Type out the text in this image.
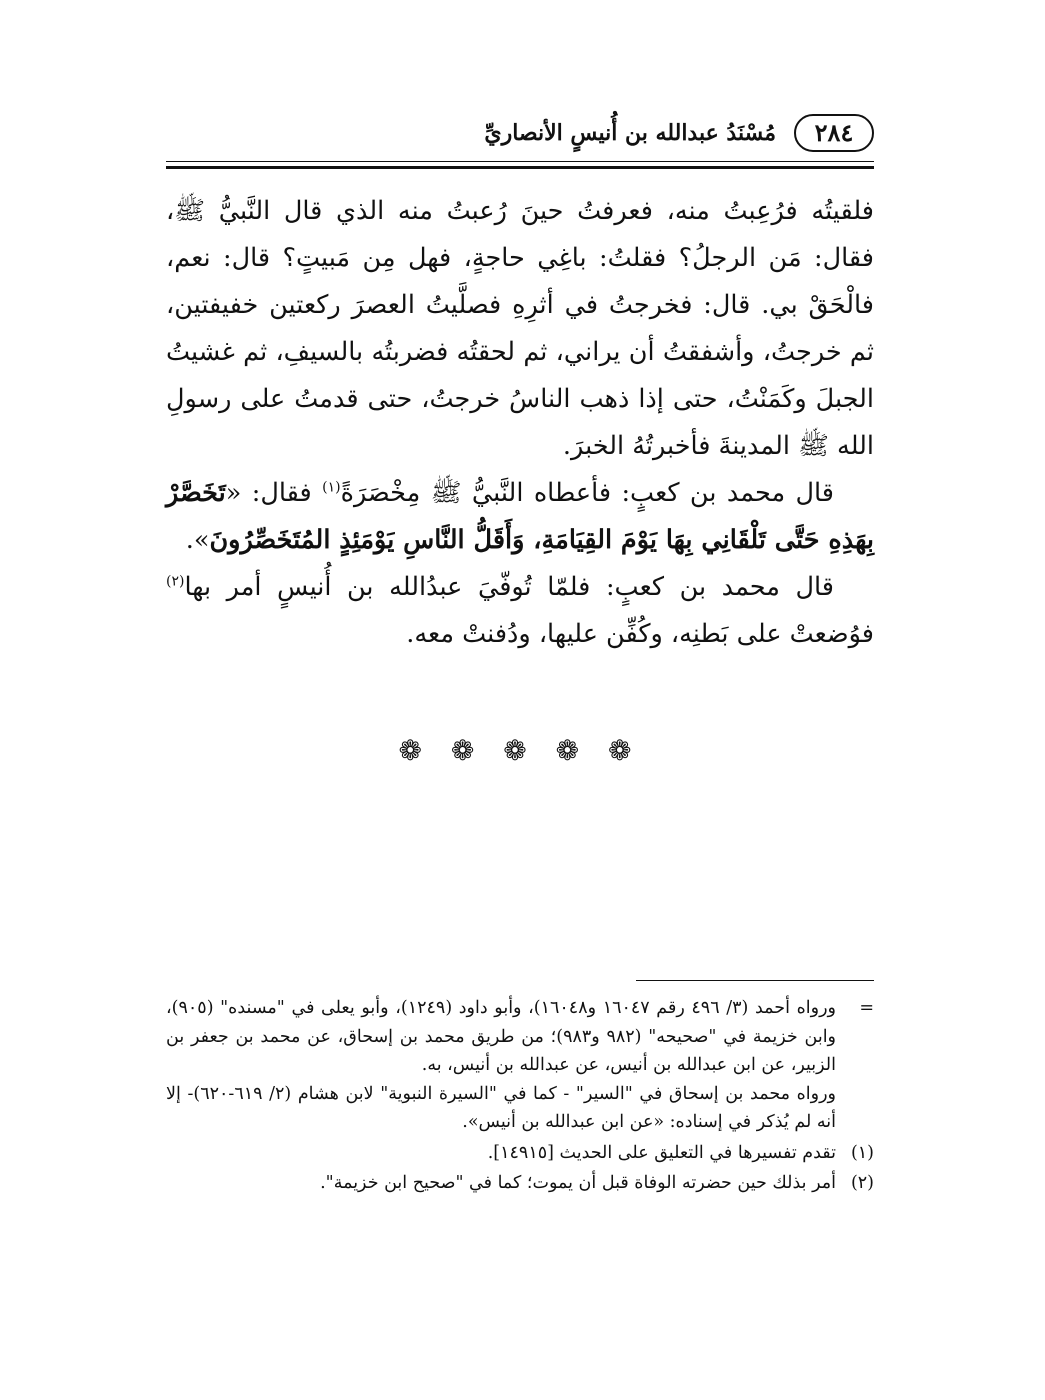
٢٨٤
مُسْنَدُ عبدالله بن أُنيسٍ الأنصاريِّ

فلقيتُه فرُعِبتُ منه، فعرفتُ حينَ رُعبتُ منه الذي قال النَّبيُّ ﷺ، فقال: مَن الرجلُ؟ فقلتُ: باغِي حاجةٍ، فهل مِن مَبيتٍ؟ قال: نعم، فالْحَقْ بي. قال: فخرجتُ في أثرِهِ فصلَّيتُ العصرَ ركعتين خفيفتين، ثم خرجتُ، وأشفقتُ أن يراني، ثم لحقتُه فضربتُه بالسيفِ، ثم غشيتُ الجبلَ وكَمَنْتُ، حتى إذا ذهب الناسُ خرجتُ، حتى قدمتُ على رسولِ الله ﷺ المدينةَ فأخبرتُهُ الخبرَ.

قال محمد بن كعبٍ: فأعطاه النَّبيُّ ﷺ مِخْصَرَةً$^{(١)}$ فقال: «تَخَصَّرْ بِهَذِهِ حَتَّى تَلْقَانِي بِهَا يَوْمَ القِيَامَةِ، وَأَقَلُّ النَّاسِ يَوْمَئِذٍ المُتَخَصِّرُونَ».

قال محمد بن كعبٍ: فلمّا تُوفّيَ عبدُالله بن أُنيسٍ أمر بها$^{(٢)}$ فوُضعتْ على بَطنِه، وكُفِّن عليها، ودُفنتْ معه.

❁ ❁ ❁ ❁ ❁
=

ورواه أحمد (٣/ ٤٩٦ رقم ١٦٠٤٧ و١٦٠٤٨)، وأبو داود (١٢٤٩)، وأبو يعلى في "مسنده" (٩٠٥)، وابن خزيمة في "صحيحه" (٩٨٢ و٩٨٣)؛ من طريق محمد بن إسحاق، عن محمد بن جعفر بن الزبير، عن ابن عبدالله بن أنيس، عن عبدالله بن أنيس، به.

ورواه محمد بن إسحاق في "السير" - كما في "السيرة النبوية" لابن هشام (٢/ ٦١٩-٦٢٠)- إلا أنه لم يُذكر في إسناده: «عن ابن عبدالله بن أنيس».

(١)
تقدم تفسيرها في التعليق على الحديث [١٤٩١٥].
(٢)
أمر بذلك حين حضرته الوفاة قبل أن يموت؛ كما في "صحيح ابن خزيمة".
